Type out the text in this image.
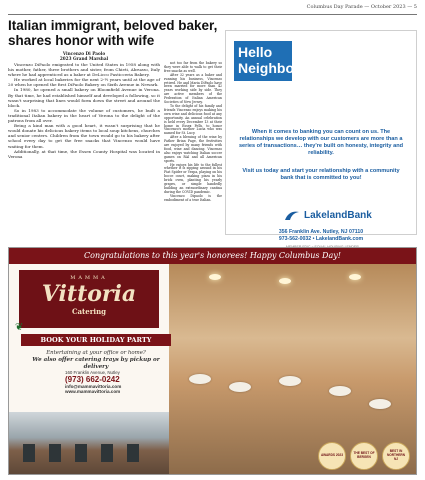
Columbus Day Parade — October 2023 — 5
Italian immigrant, beloved baker, shares honor with wife
Vincenzo Di Paolo
2023 Grand Marshal

Vincenzo DiPaolo emigrated to the United States in 1958 along with his mother, father, three brothers and sister, from Chieti, Abruzzo, Italy where he had apprenticed as a baker at DeLicco Pasticceria Bakery.

He worked at local bakeries for the next 2-½ years until at the age of 20 when he opened the first DiPaolo Bakery on Sixth Avenue in Newark.

In 1980, he opened a small bakery on Bloomfield Avenue in Verona. By that time, he had established himself and developed a following, so it wasn't surprising that lines would form down the street and around the block.

So in 1983 to accommodate the volume of customers, he built a traditional Italian bakery in the heart of Verona to the delight of the patrons from all over.

Being a kind man with a good heart, it wasn't surprising that he would donate his delicious bakery items to local soup kitchens, churches and senior centers. Children from the town would go to his bakery after school every day to get the free snacks that Vincenzo would have waiting for them.

Additionally, at that time, the Essex County Hospital was located in Verona

Hello Neighbor!
When it comes to banking you can count on us. The relationships we develop with our customers are more than a series of transactions… they're built on honesty, integrity and reliability.
Visit us today and start your relationship with a community bank that is committed to you!
LakelandBank
356 Franklin Ave. Nutley, NJ 07110
973-562-0032 • LakelandBank.com
Congratulations to this year's honorees! Happy Columbus Day!
AWARDS 2023	THE BEST OF BERGEN
BEST IN NORTHERN NJ
MAMMA
Vittoria
Catering
❦
BOOK YOUR HOLIDAY PARTY
Entertaining at your office or home?
We also offer catering trays by pickup or delivery
160 Franklin Avenue, Nutley
(973) 662-0242
info@mammavittoria.com
www.mammavittoria.com

not too far from the bakery so they were able to walk to get their free snacks as well.

After 32 years as a baker and running his business, Vincenzo retired. He and Maria DiPaolo have been married for more than 42 years working side by side. They are active members of the Federation of Italian American Societies of New Jersey.

To the delight of his family and friends Vincenzo enjoys making his own wine and delicious food at any opportunity. An annual celebration is held every December 13 at their home in Essex Fells, to honor Vincenzo's mother Lucia who was named for St. Lucy.

After a blessing of the wine by Father Brian Page, the festivities are enjoyed by many friends with food, wine and dancing. Vincenzo also enjoys watching Italian soccer games on RAI and all American sports.

He enjoys his life to the fullest whether it is sipping around in his Fiat Spider or Vespa, playing on his bocce court, making pizza in his brick oven, planting his yearly grapes, or simple handedly building an extraordinary cantina during the COVID pandemic.

Vincenzo Dipaolo is the embodiment of a true Italian.
